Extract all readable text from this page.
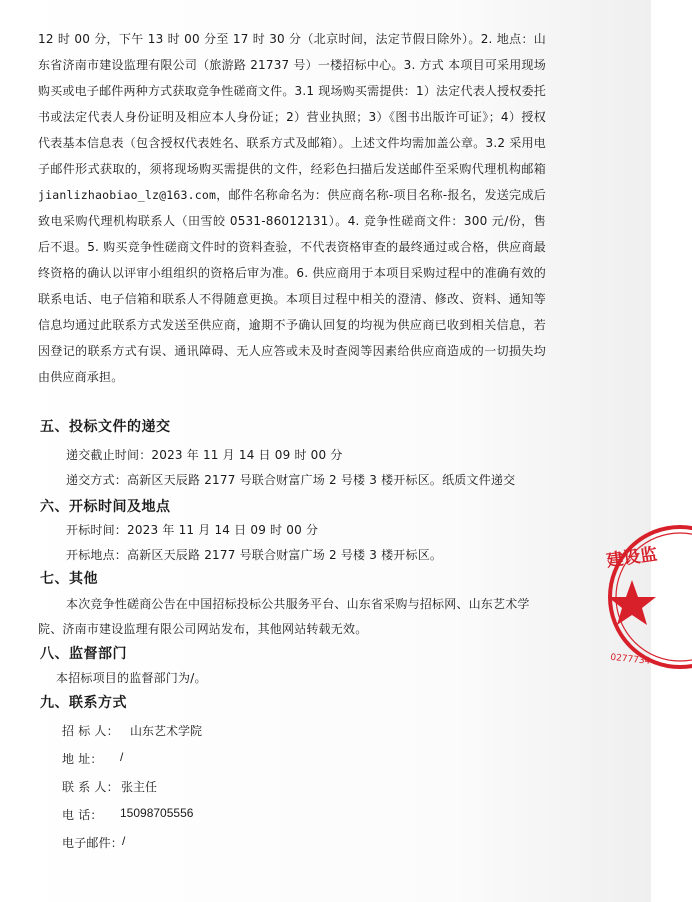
12 时 00 分，下午 13 时 00 分至 17 时 30 分（北京时间，法定节假日除外）。2. 地点：山东省济南市建设监理有限公司（旅游路 21737 号）一楼招标中心。3. 方式 本项目可采用现场购买或电子邮件两种方式获取竞争性磋商文件。3.1 现场购买需提供：1）法定代表人授权委托书或法定代表人身份证明及相应本人身份证；2）营业执照；3）《图书出版许可证》；4）授权代表基本信息表（包含授权代表姓名、联系方式及邮箱）。上述文件均需加盖公章。3.2 采用电子邮件形式获取的，须将现场购买需提供的文件，经彩色扫描后发送邮件至采购代理机构邮箱 jianlizhaobiao_lz@163.com，邮件名称命名为：供应商名称-项目名称-报名，发送完成后致电采购代理机构联系人（田雪皎 0531-86012131）。4. 竞争性磋商文件：300 元/份，售后不退。5. 购买竞争性磋商文件时的资料查验，不代表资格审查的最终通过或合格，供应商最终资格的确认以评审小组组织的资格后审为准。6. 供应商用于本项目采购过程中的准确有效的联系电话、电子信箱和联系人不得随意更换。本项目过程中相关的澄清、修改、资料、通知等信息均通过此联系方式发送至供应商，逾期不予确认回复的均视为供应商已收到相关信息，若因登记的联系方式有误、通讯障碍、无人应答或未及时查阅等因素给供应商造成的一切损失均由供应商承担。
五、投标文件的递交
递交截止时间：2023 年 11 月 14 日 09 时 00 分
递交方式：高新区天辰路 2177 号联合财富广场 2 号楼 3 楼开标区。纸质文件递交
六、开标时间及地点
开标时间：2023 年 11 月 14 日 09 时 00 分
开标地点：高新区天辰路 2177 号联合财富广场 2 号楼 3 楼开标区。
七、其他
本次竞争性磋商公告在中国招标投标公共服务平台、山东省采购与招标网、山东艺术学
院、济南市建设监理有限公司网站发布，其他网站转载无效。
八、监督部门
本招标项目的监督部门为/。
九、联系方式
招 标 人： 山东艺术学院
地 址： /
联 系 人： 张主任
电 话： 15098705556
电子邮件：
/
建设监
0277734
